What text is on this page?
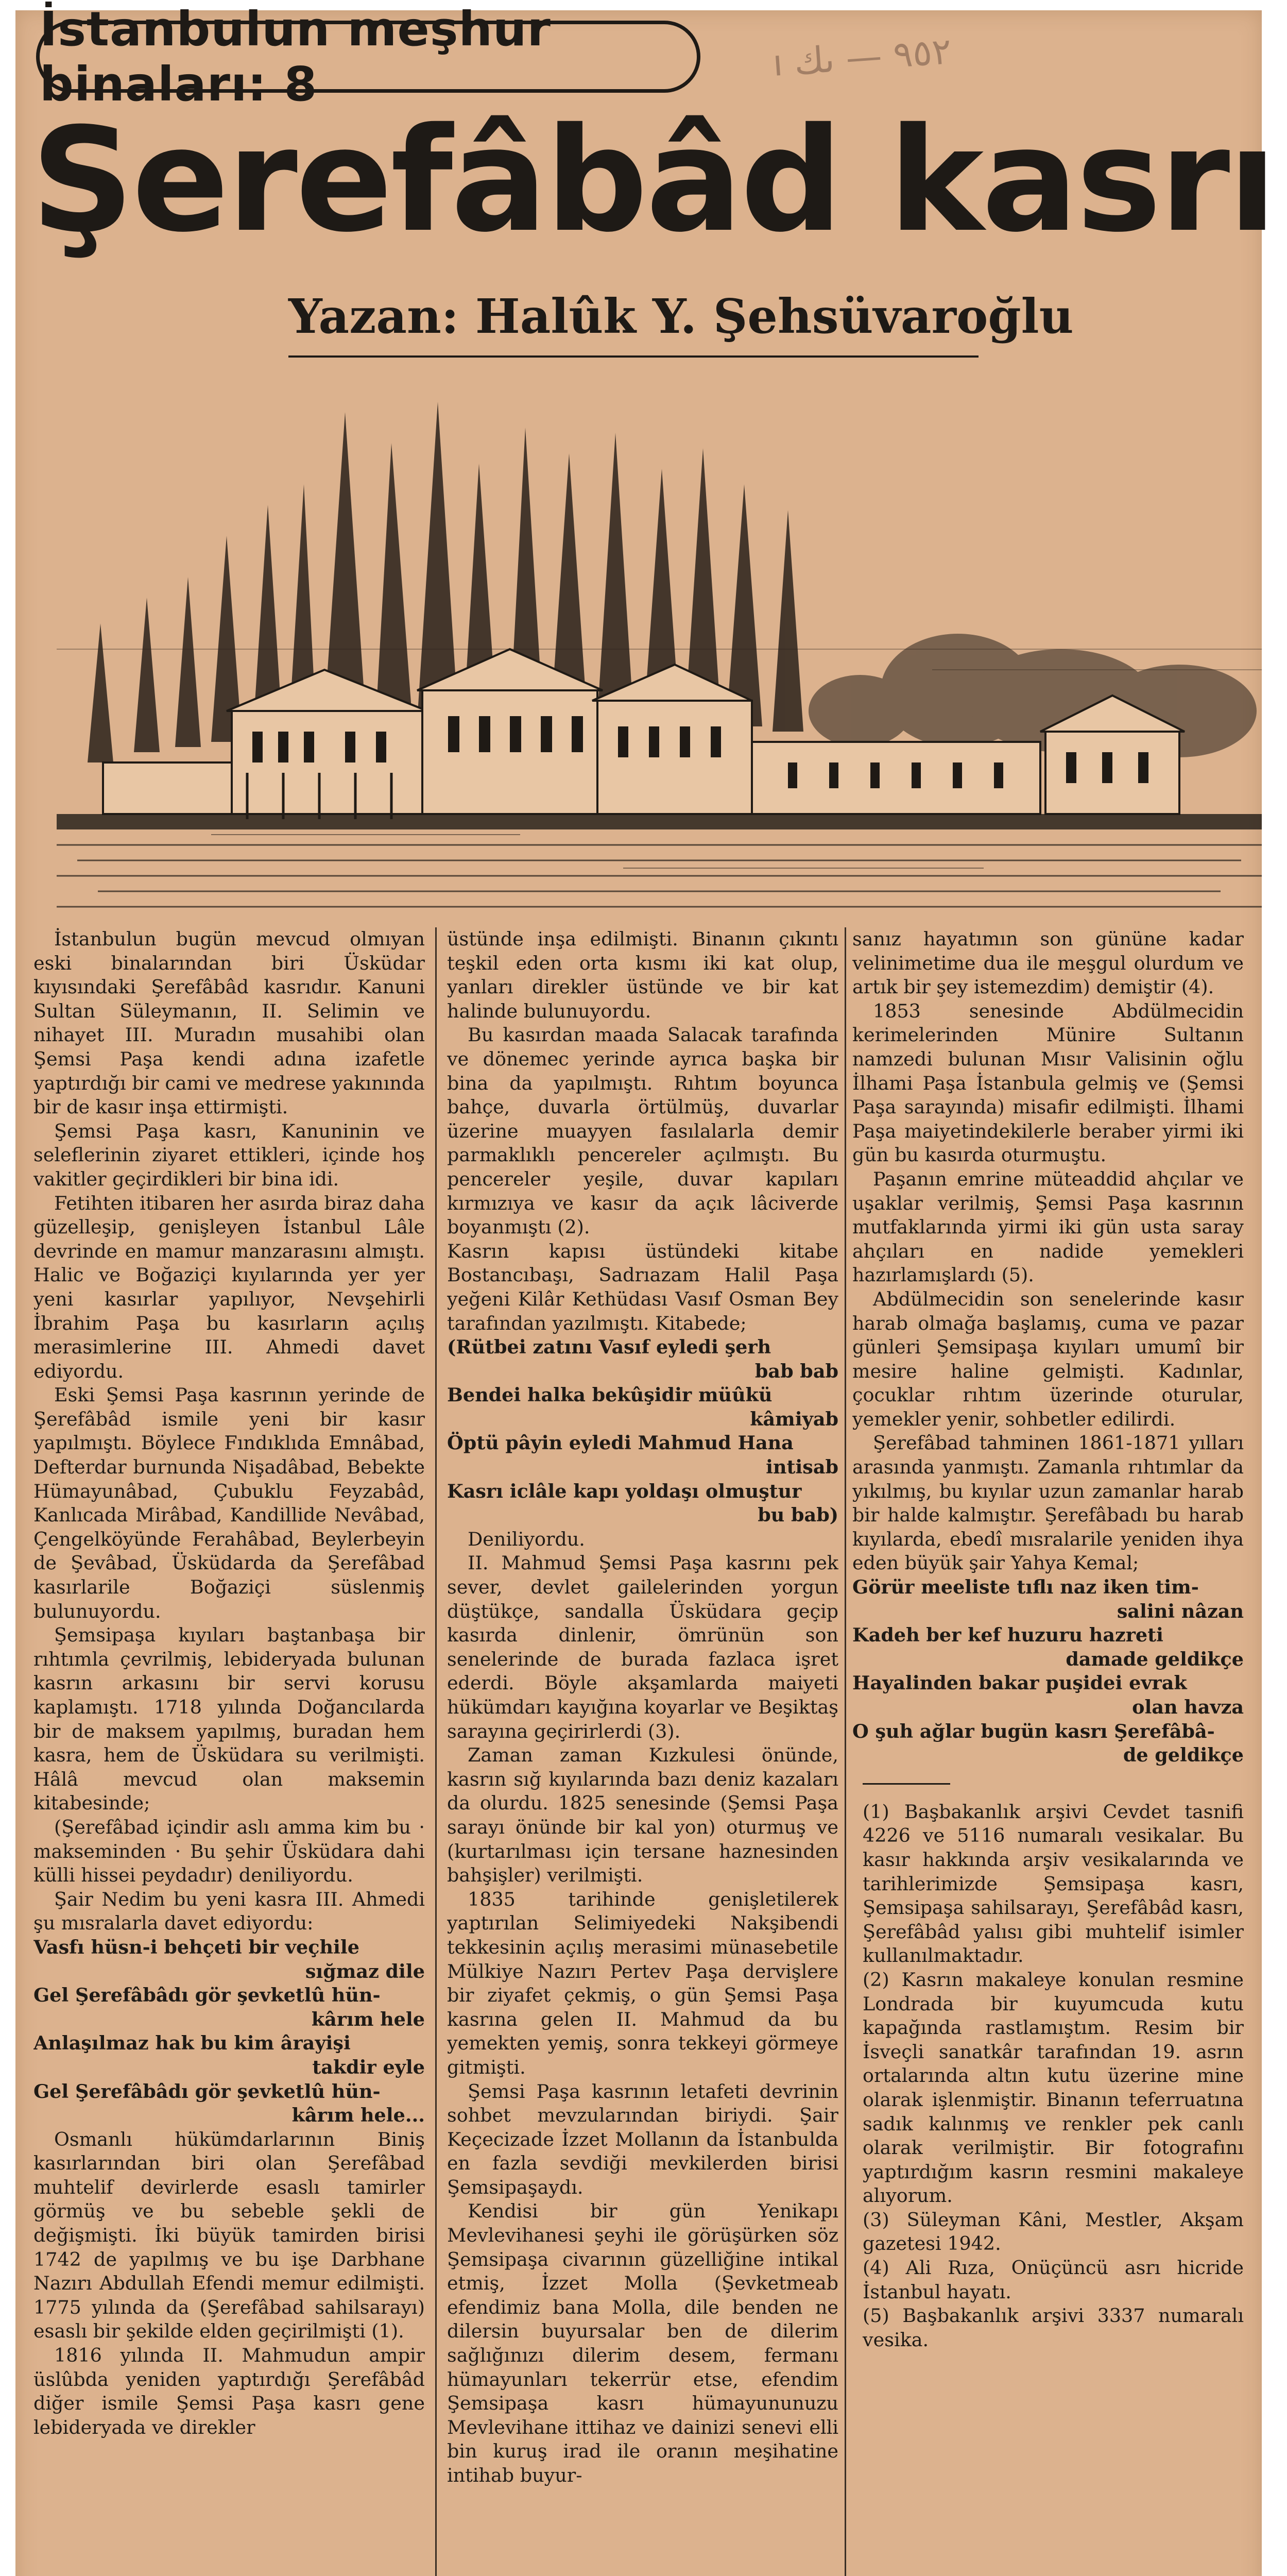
İstanbulun meşhur binaları: 8	ı ٩٥٢ — ىك
Şerefâbâd kasrı
Yazan: Halûk Y. Şehsüvaroğlu

İstanbulun bugün mevcud olmıyan eski binalarından biri Üsküdar kıyısındaki Şerefâbâd kasrıdır. Kanuni Sultan Süleymanın, II. Selimin ve nihayet III. Muradın musahibi olan Şemsi Paşa kendi adına izafetle yaptırdığı bir cami ve medrese yakınında bir de kasır inşa ettirmişti.

Şemsi Paşa kasrı, Kanuninin ve seleflerinin ziyaret ettikleri, içinde hoş vakitler geçirdikleri bir bina idi.

Fetihten itibaren her asırda biraz daha güzelleşip, genişleyen İstanbul Lâle devrinde en mamur manzarasını almıştı. Halic ve Boğaziçi kıyılarında yer yer yeni kasırlar yapılıyor, Nevşehirli İbrahim Paşa bu kasırların açılış merasimlerine III. Ahmedi davet ediyordu.

Eski Şemsi Paşa kasrının yerinde de Şerefâbâd ismile yeni bir kasır yapılmıştı. Böylece Fındıklıda Emnâbad, Defterdar burnunda Nişadâbad, Bebekte Hümayunâbad, Çubuklu Feyzabâd, Kanlıcada Mirâbad, Kandillide Nevâbad, Çengelköyünde Ferahâbad, Beylerbeyin de Şevâbad, Üsküdarda da Şerefâbad kasırlarile Boğaziçi süslenmiş bulunuyordu.

Şemsipaşa kıyıları baştanbaşa bir rıhtımla çevrilmiş, lebideryada bulunan kasrın arkasını bir servi korusu kaplamıştı. 1718 yılında Doğancılarda bir de maksem yapılmış, buradan hem kasra, hem de Üsküdara su verilmişti. Hâlâ mevcud olan maksemin kitabesinde;

(Şerefâbad içindir aslı amma kim bu · makseminden · Bu şehir Üsküdara dahi külli hissei peydadır) deniliyordu.

Şair Nedim bu yeni kasra III. Ahmedi şu mısralarla davet ediyordu:

Vasfı hüsn-i behçeti bir veçhile
sığmaz dile
Gel Şerefâbâdı gör şevketlû hün-
kârım hele
Anlaşılmaz hak bu kim ârayişi
takdir eyle
Gel Şerefâbâdı gör şevketlû hün-
kârım hele...

Osmanlı hükümdarlarının Biniş kasırlarından biri olan Şerefâbad muhtelif devirlerde esaslı tamirler görmüş ve bu sebeble şekli de değişmişti. İki büyük tamirden birisi 1742 de yapılmış ve bu işe Darbhane Nazırı Abdullah Efendi memur edilmişti. 1775 yılında da (Şerefâbad sahilsarayı) esaslı bir şekilde elden geçirilmişti (1).

1816 yılında II. Mahmudun ampir üslûbda yeniden yaptırdığı Şerefâbâd diğer ismile Şemsi Paşa kasrı gene lebideryada ve direkler

üstünde inşa edilmişti. Binanın çıkıntı teşkil eden orta kısmı iki kat olup, yanları direkler üstünde ve bir kat halinde bulunuyordu.

Bu kasırdan maada Salacak tarafında ve dönemec yerinde ayrıca başka bir bina da yapılmıştı. Rıhtım boyunca bahçe, duvarla örtülmüş, duvarlar üzerine muayyen fasılalarla demir parmaklıklı pencereler açılmıştı. Bu pencereler yeşile, duvar kapıları kırmızıya ve kasır da açık lâciverde boyanmıştı (2).

Kasrın kapısı üstündeki kitabe Bostancıbaşı, Sadrıazam Halil Paşa yeğeni Kilâr Kethüdası Vasıf Osman Bey tarafından yazılmıştı. Kitabede;

(Rütbei zatını Vasıf eyledi şerh
bab bab
Bendei halka bekûşidir müûkü
kâmiyab
Öptü pâyin eyledi Mahmud Hana
intisab
Kasrı iclâle kapı yoldaşı olmuştur
bu bab)

Deniliyordu.

II. Mahmud Şemsi Paşa kasrını pek sever, devlet gailelerinden yorgun düştükçe, sandalla Üsküdara geçip kasırda dinlenir, ömrünün son senelerinde de burada fazlaca işret ederdi. Böyle akşamlarda maiyeti hükümdarı kayığına koyarlar ve Beşiktaş sarayına geçirirlerdi (3).

Zaman zaman Kızkulesi önünde, kasrın sığ kıyılarında bazı deniz kazaları da olurdu. 1825 senesinde (Şemsi Paşa sarayı önünde bir kal yon) oturmuş ve (kurtarılması için tersane haznesinden bahşişler) verilmişti.

1835 tarihinde genişletilerek yaptırılan Selimiyedeki Nakşibendi tekkesinin açılış merasimi münasebetile Mülkiye Nazırı Pertev Paşa dervişlere bir ziyafet çekmiş, o gün Şemsi Paşa kasrına gelen II. Mahmud da bu yemekten yemiş, sonra tekkeyi görmeye gitmişti.

Şemsi Paşa kasrının letafeti devrinin sohbet mevzularından biriydi. Şair Keçecizade İzzet Mollanın da İstanbulda en fazla sevdiği mevkilerden birisi Şemsipaşaydı.

Kendisi bir gün Yenikapı Mevlevihanesi şeyhi ile görüşürken söz Şemsipaşa civarının güzelliğine intikal etmiş, İzzet Molla (Şevketmeab efendimiz bana Molla, dile benden ne dilersin buyursalar ben de dilerim sağlığınızı dilerim desem, fermanı hümayunları tekerrür etse, efendim Şemsipaşa kasrı hümayununuzu Mevlevihane ittihaz ve dainizi senevi elli bin kuruş irad ile oranın meşihatine intihab buyur-

sanız hayatımın son gününe kadar velinimetime dua ile meşgul olurdum ve artık bir şey istemezdim) demiştir (4).

1853 senesinde Abdülmecidin kerimelerinden Münire Sultanın namzedi bulunan Mısır Valisinin oğlu İlhami Paşa İstanbula gelmiş ve (Şemsi Paşa sarayında) misafir edilmişti. İlhami Paşa maiyetindekilerle beraber yirmi iki gün bu kasırda oturmuştu.

Paşanın emrine müteaddid ahçılar ve uşaklar verilmiş, Şemsi Paşa kasrının mutfaklarında yirmi iki gün usta saray ahçıları en nadide yemekleri hazırlamışlardı (5).

Abdülmecidin son senelerinde kasır harab olmağa başlamış, cuma ve pazar günleri Şemsipaşa kıyıları umumî bir mesire haline gelmişti. Kadınlar, çocuklar rıhtım üzerinde oturular, yemekler yenir, sohbetler edilirdi.

Şerefâbad tahminen 1861-1871 yılları arasında yanmıştı. Zamanla rıhtımlar da yıkılmış, bu kıyılar uzun zamanlar harab bir halde kalmıştır. Şerefâbadı bu harab kıyılarda, ebedî mısralarile yeniden ihya eden büyük şair Yahya Kemal;

Görür meeliste tıflı naz iken tim-
salini nâzan
Kadeh ber kef huzuru hazreti
damade geldikçe
Hayalinden bakar puşidei evrak
olan havza
O şuh ağlar bugün kasrı Şerefâbâ-
de geldikçe

(1) Başbakanlık arşivi Cevdet tasnifi 4226 ve 5116 numaralı vesikalar. Bu kasır hakkında arşiv vesikalarında ve tarihlerimizde Şemsipaşa kasrı, Şemsipaşa sahilsarayı, Şerefâbâd kasrı, Şerefâbâd yalısı gibi muhtelif isimler kullanılmaktadır.

(2) Kasrın makaleye konulan resmine Londrada bir kuyumcuda kutu kapağında rastlamıştım. Resim bir İsveçli sanatkâr tarafından 19. asrın ortalarında altın kutu üzerine mine olarak işlenmiştir. Binanın teferruatına sadık kalınmış ve renkler pek canlı olarak verilmiştir. Bir fotografını yaptırdığım kasrın resmini makaleye alıyorum.

(3) Süleyman Kâni, Mestler, Akşam gazetesi 1942.

(4) Ali Rıza, Onüçüncü asrı hicride İstanbul hayatı.

(5) Başbakanlık arşivi 3337 numaralı vesika.
